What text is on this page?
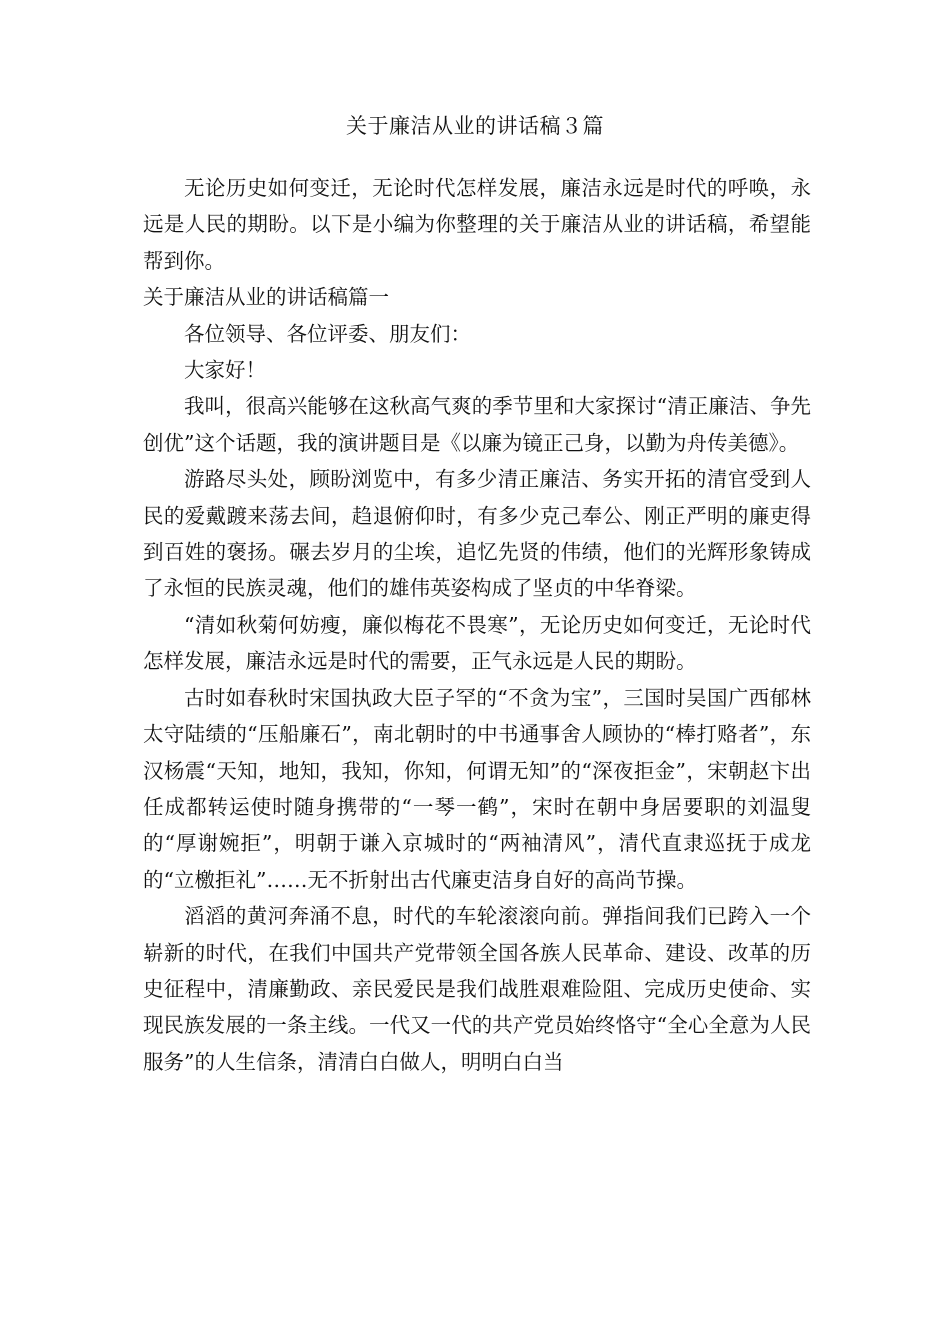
关于廉洁从业的讲话稿３篇

无论历史如何变迁，无论时代怎样发展，廉洁永远是时代的呼唤，永远是人民的期盼。以下是小编为你整理的关于廉洁从业的讲话稿，希望能帮到你。

关于廉洁从业的讲话稿篇一

各位领导、各位评委、朋友们：

大家好！

我叫，很高兴能够在这秋高气爽的季节里和大家探讨“清正廉洁、争先创优”这个话题，我的演讲题目是《以廉为镜正己身，以勤为舟传美德》。

游路尽头处，顾盼浏览中，有多少清正廉洁、务实开拓的清官受到人民的爱戴踱来荡去间，趋退俯仰时，有多少克己奉公、刚正严明的廉吏得到百姓的褒扬。碾去岁月的尘埃，追忆先贤的伟绩，他们的光辉形象铸成了永恒的民族灵魂，他们的雄伟英姿构成了坚贞的中华脊梁。

“清如秋菊何妨瘦，廉似梅花不畏寒”，无论历史如何变迁，无论时代怎样发展，廉洁永远是时代的需要，正气永远是人民的期盼。

古时如春秋时宋国执政大臣子罕的“不贪为宝”，三国时吴国广西郁林太守陆绩的“压船廉石”，南北朝时的中书通事舍人顾协的“棒打赂者”，东汉杨震“天知，地知，我知，你知，何谓无知”的“深夜拒金”，宋朝赵卞出任成都转运使时随身携带的“一琴一鹤”，宋时在朝中身居要职的刘温叟的“厚谢婉拒”，明朝于谦入京城时的“两袖清风”，清代直隶巡抚于成龙的“立檄拒礼”……无不折射出古代廉吏洁身自好的高尚节操。

滔滔的黄河奔涌不息，时代的车轮滚滚向前。弹指间我们已跨入一个崭新的时代，在我们中国共产党带领全国各族人民革命、建设、改革的历史征程中，清廉勤政、亲民爱民是我们战胜艰难险阻、完成历史使命、实现民族发展的一条主线。一代又一代的共产党员始终恪守“全心全意为人民服务”的人生信条，清清白白做人，明明白白当
